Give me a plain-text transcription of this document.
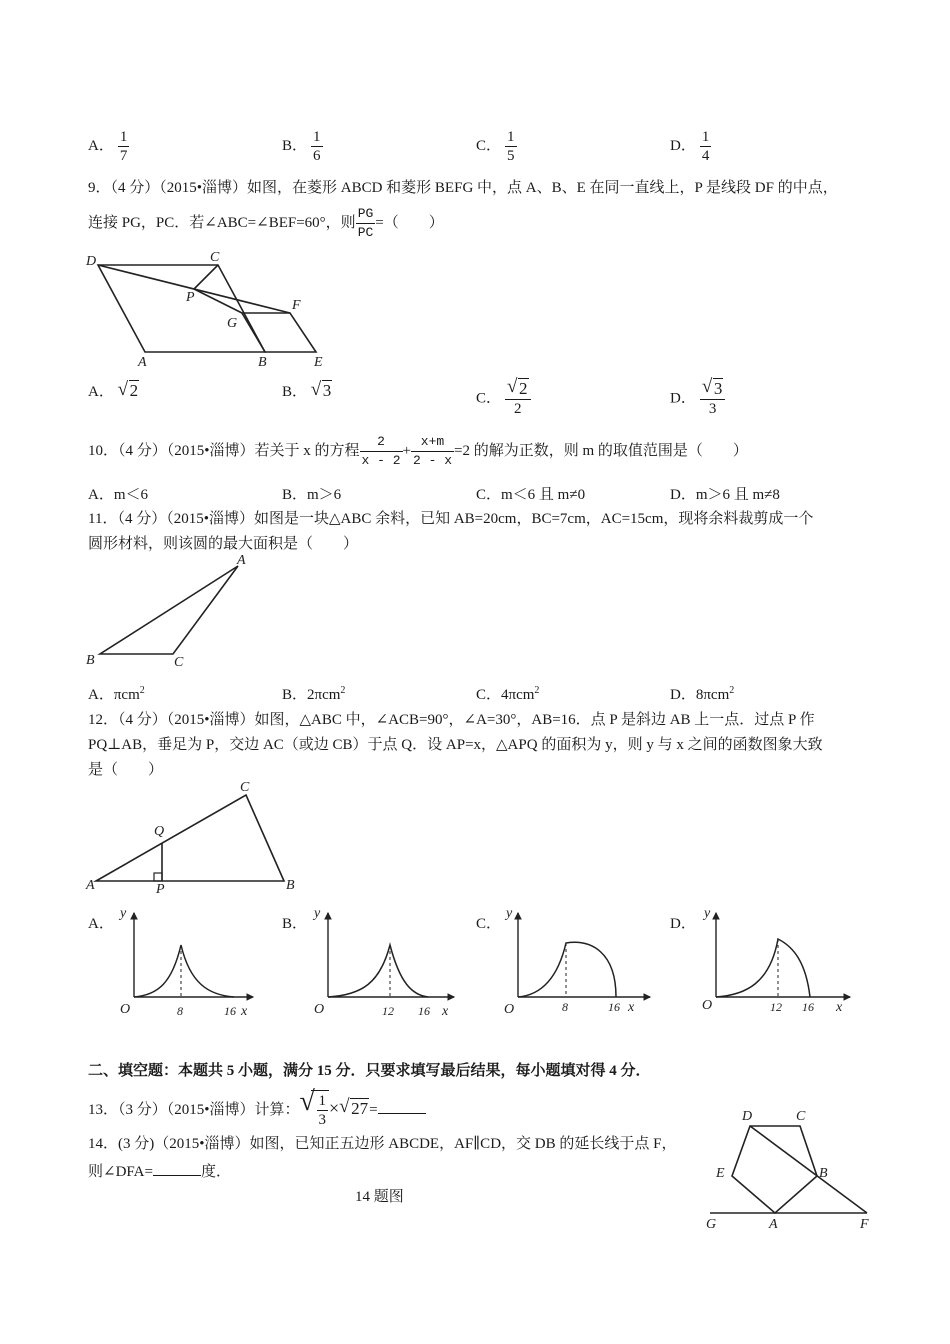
A． $\frac{1}{7}$	B． $\frac{1}{6}$	C． $\frac{1}{5}$	D． $\frac{1}{4}$
9．（4 分）（2015•淄博）如图，在菱形 ABCD 和菱形 BEFG 中，点 A、B、E 在同一直线上，P 是线段 DF 的中点，
连接 PG，PC．若∠ABC=∠BEF=60°，则 $\frac{PG}{PC}$ =（　　）
D	C
P
F
G
A	B	E
A． √ 2	B． √ 3	C． $\frac{√ 2}{2}$	D． $\frac{√ 3}{3}$
10．（4 分）（2015•淄博）若关于 x 的方程 $\frac{2}{x - 2} + \frac{x+m}{2 - x} =2$ 的解为正数，则 m 的取值范围是（　　）
A．m＜6	B．m＞6	C．m＜6 且 m≠0	D．m＞6 且 m≠8
11．（4 分）（2015•淄博）如图是一块△ABC 余料，已知 AB=20cm，BC=7cm，AC=15cm，现将余料裁剪成一个
圆形材料，则该圆的最大面积是（　　）
A
B	C
A．πcm$^2$	B．2πcm$^2$	C．4πcm$^2$	D．8πcm$^2$
12．（4 分）（2015•淄博）如图，△ABC 中，∠ACB=90°，∠A=30°，AB=16．点 P 是斜边 AB 上一点．过点 P 作
PQ⊥AB，垂足为 P，交边 AC（或边 CB）于点 Q．设 AP=x，△APQ 的面积为 y，则 y 与 x 之间的函数图象大致
是（　　）
C
Q
A	P	B
A．
y
x
O	8	16
B．
y
x
O	12 16
C．
y
x
O	8	16
D．
y
x
O	12 16
二、填空题：本题共 5 小题，满分 15 分．只要求填写最后结果，每小题填对得 4 分．
13．（3 分）（2015•淄博）计算： √ $\frac{1}{3}$ × √ 27=
14．(3 分)（2015•淄博）如图，已知正五边形 ABCDE，AF∥CD，交 DB 的延长线于点 F，
则∠DFA=	度．
14 题图
D	C
E	B
G	A	F
